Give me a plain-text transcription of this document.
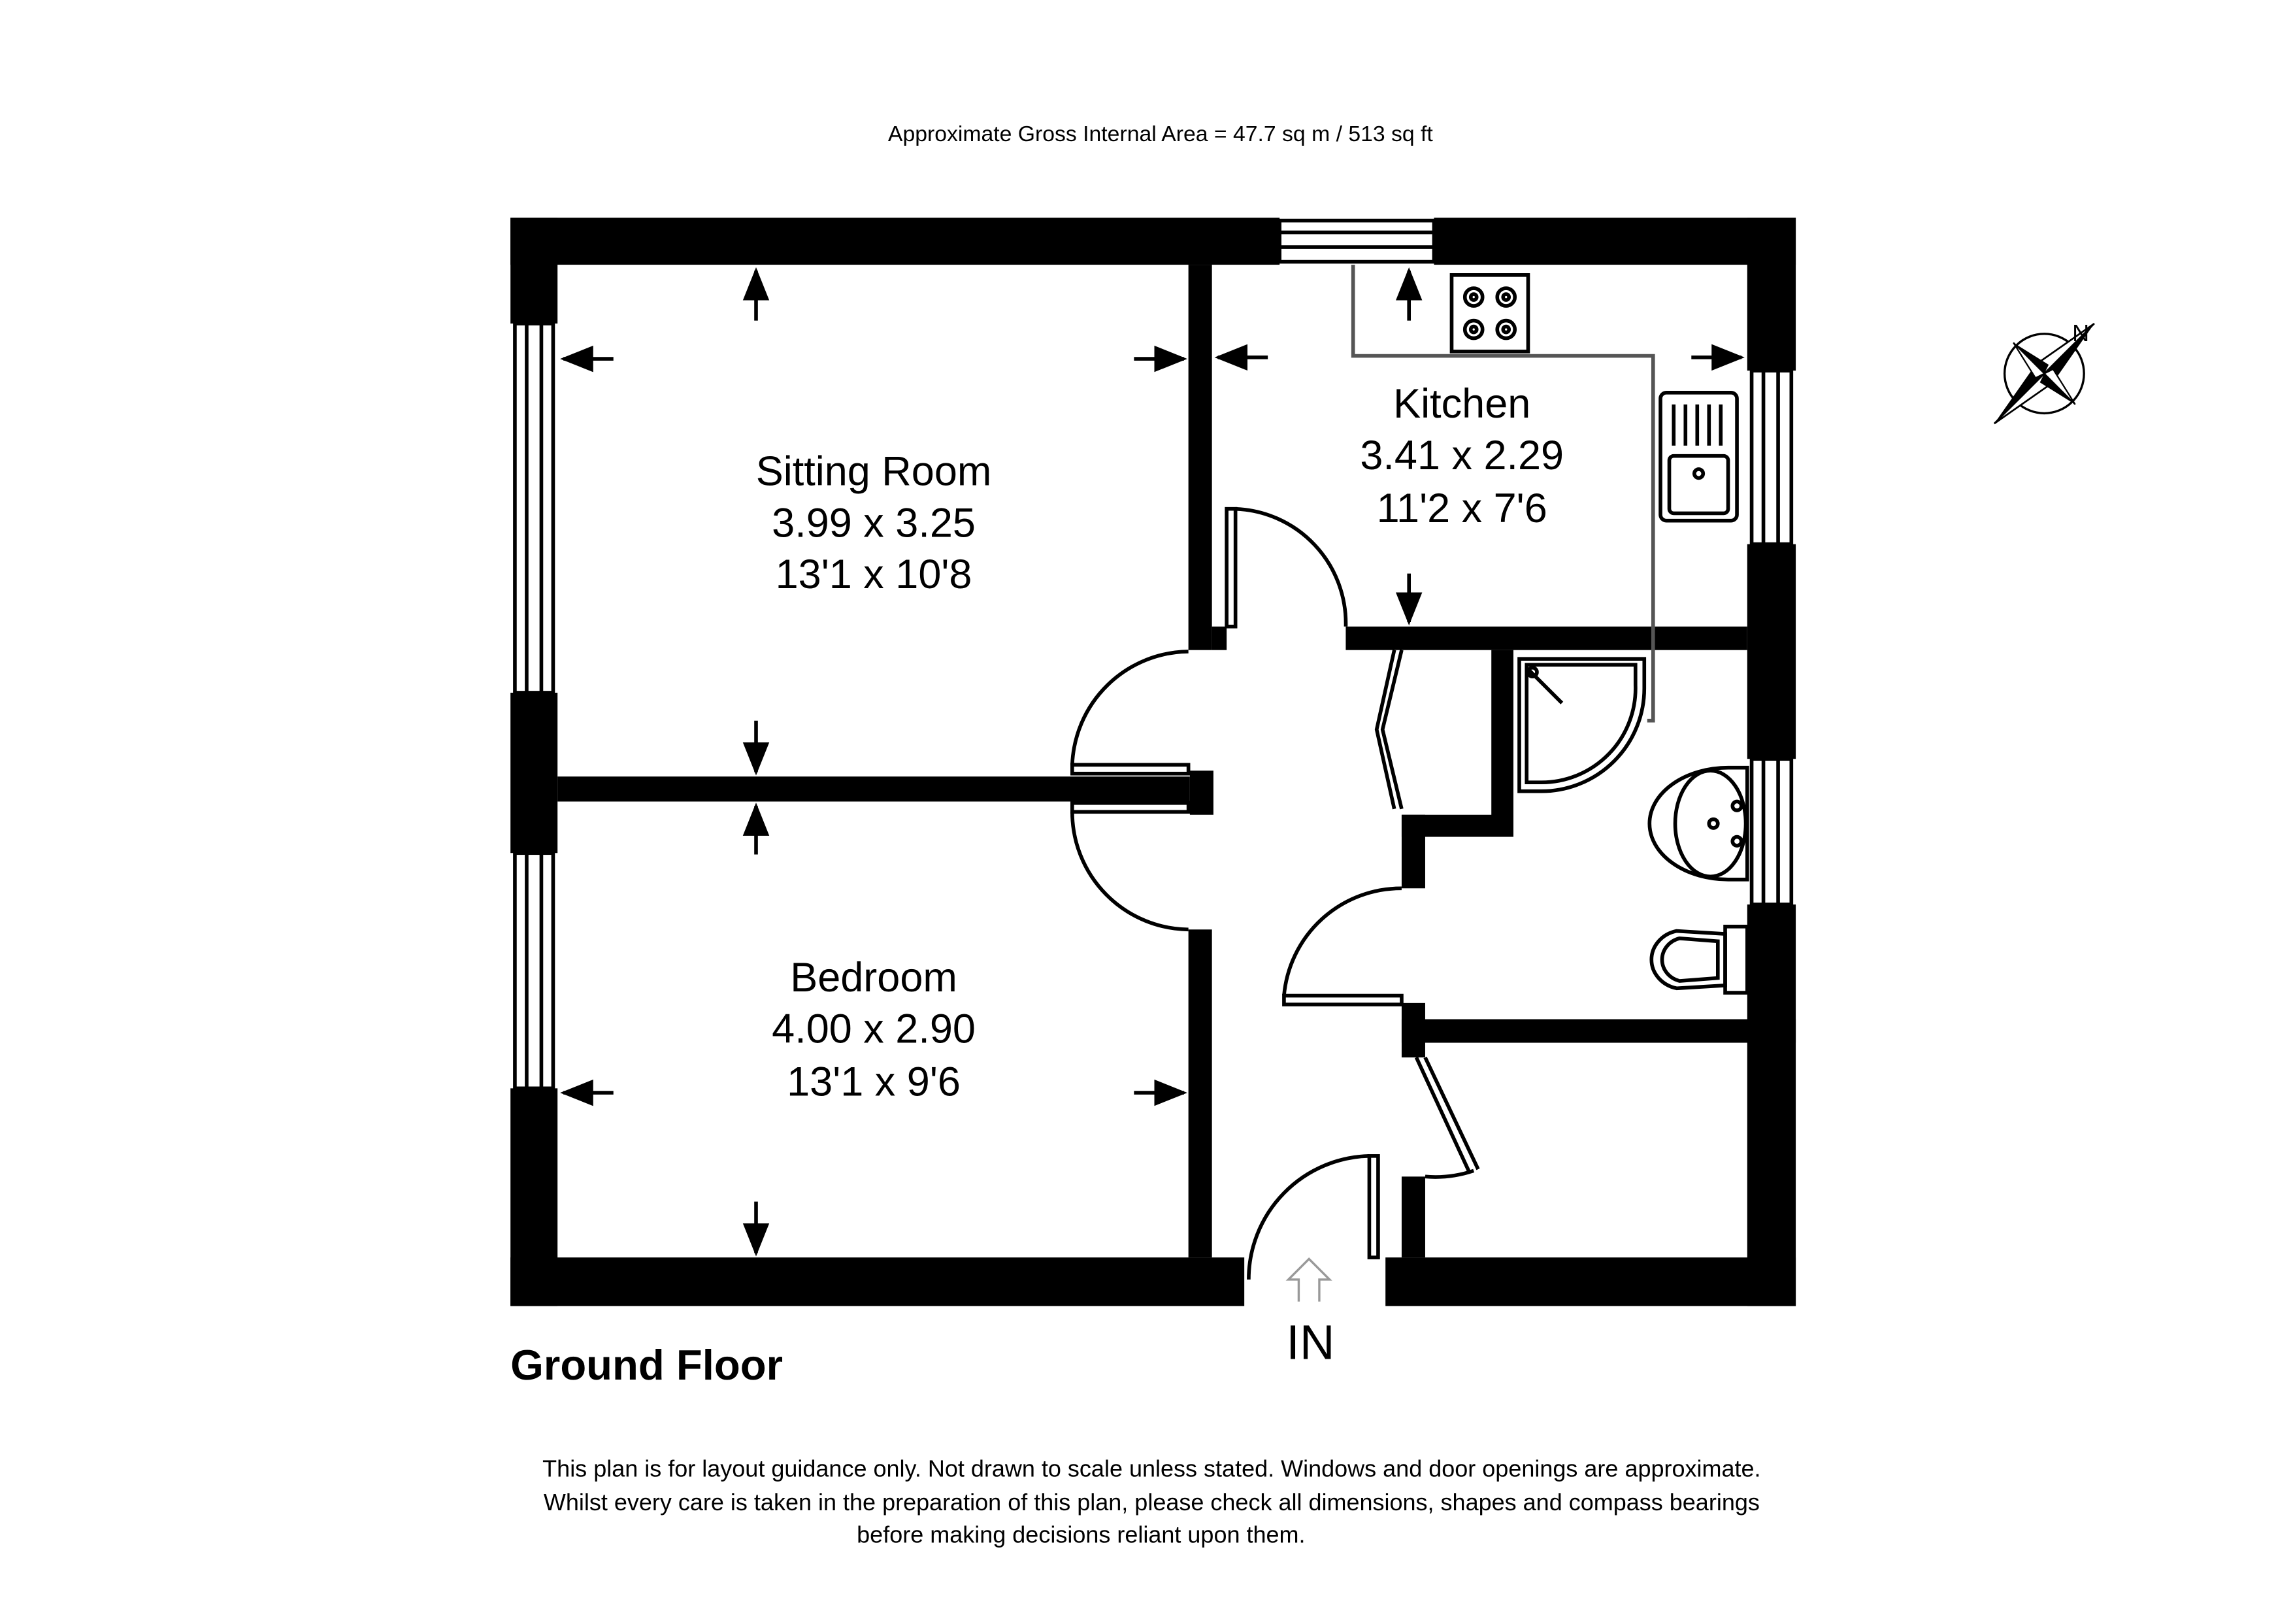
Approximate Gross Internal Area = 47.7 sq m / 513 sq ft
Sitting Room
3.99 x 3.25
13'1 x 10'8
Bedroom
4.00 x 2.90
13'1 x 9'6
Kitchen
3.41 x 2.29
11'2 x 7'6
IN
Ground Floor
N
This plan is for layout guidance only. Not drawn to scale unless stated. Windows and door openings are approximate.
Whilst every care is taken in the preparation of this plan, please check all dimensions, shapes and compass bearings
before making decisions reliant upon them.
